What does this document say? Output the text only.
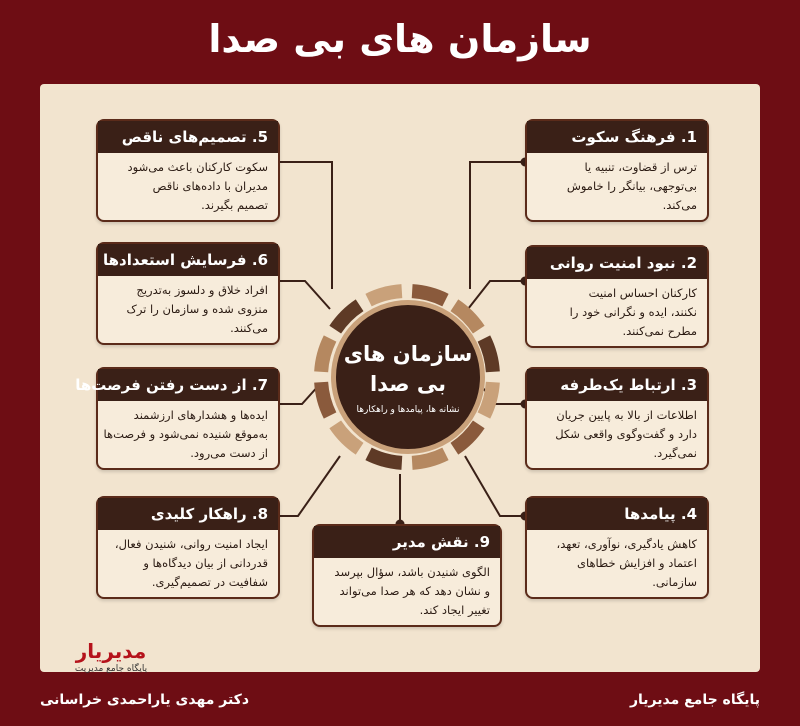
سازمان های بی صدا
سازمان های
بی صدا
نشانه ها، پیامدها و راهکارها
1. فرهنگ سکوت
ترس از قضاوت، تنبیه یا
بی‌توجهی، بیانگر را خاموش
می‌کند.
2. نبود امنیت روانی
کارکنان احساس امنیت
نکنند، ایده و نگرانی خود را
مطرح نمی‌کنند.
3. ارتباط یک‌طرفه
اطلاعات از بالا به پایین جریان
دارد و گفت‌وگوی واقعی شکل
نمی‌گیرد.
4. پیامدها
کاهش یادگیری، نوآوری، تعهد،
اعتماد و افزایش خطاهای
سازمانی.
5. تصمیم‌های ناقص
سکوت کارکنان باعث می‌شود
مدیران با داده‌های ناقص
تصمیم بگیرند.
6. فرسایش استعدادها
افراد خلاق و دلسوز به‌تدریج
منزوی شده و سازمان را ترک
می‌کنند.
7. از دست رفتن فرصت‌ها
ایده‌ها و هشدارهای ارزشمند
به‌موقع شنیده نمی‌شود و فرصت‌ها
از دست می‌رود.
8. راهکار کلیدی
ایجاد امنیت روانی، شنیدن فعال،
قدردانی از بیان دیدگاه‌ها و
شفافیت در تصمیم‌گیری.
9. نقش مدیر
الگوی شنیدن باشد، سؤال بپرسد
و نشان دهد که هر صدا می‌تواند
تغییر ایجاد کند.
مدیریار
پایگاه جامع مدیریت
دکتر مهدی یاراحمدی خراسانی	پایگاه جامع مدیریار
